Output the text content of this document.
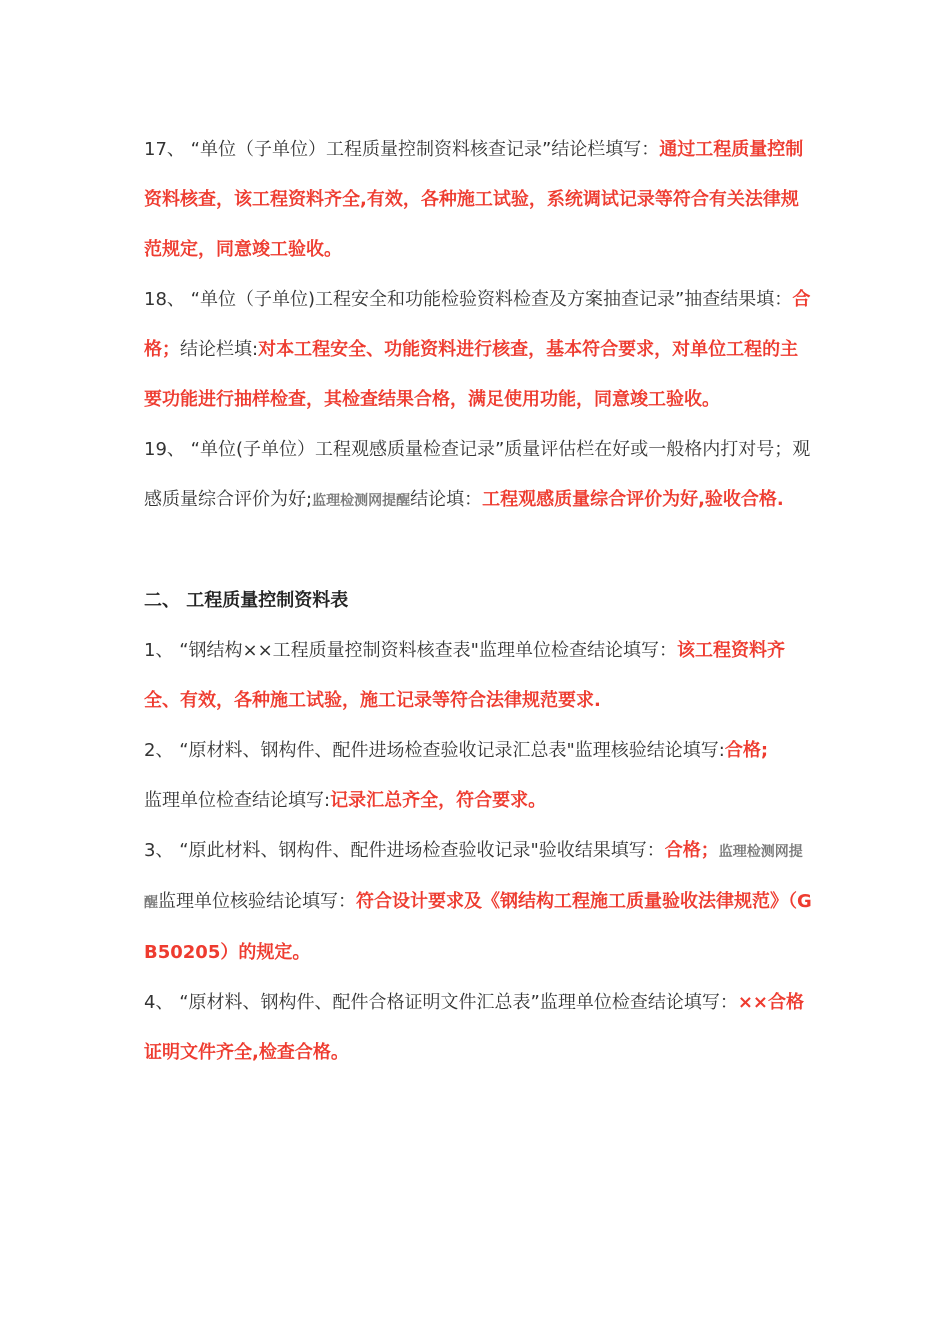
17、 “单位（子单位）工程质量控制资料核查记录”结论栏填写：通过工程质量控制资料核查，该工程资料齐全,有效，各种施工试验，系统调试记录等符合有关法律规范规定，同意竣工验收。

18、 “单位（子单位)工程安全和功能检验资料检查及方案抽查记录”抽查结果填：合格；结论栏填:对本工程安全、功能资料进行核查，基本符合要求，对单位工程的主要功能进行抽样检查，其检查结果合格，满足使用功能，同意竣工验收。

19、 “单位(子单位）工程观感质量检查记录”质量评估栏在好或一般格内打对号；观感质量综合评价为好;监理检测网提醒结论填：工程观感质量综合评价为好,验收合格.

二、 工程质量控制资料表

1、 “钢结构××工程质量控制资料核查表"监理单位检查结论填写：该工程资料齐全、有效，各种施工试验，施工记录等符合法律规范要求.

2、 “原材料、钢构件、配件进场检查验收记录汇总表"监理核验结论填写:合格;
监理单位检查结论填写:记录汇总齐全，符合要求。

3、 “原此材料、钢构件、配件进场检查验收记录"验收结果填写：合格；监理检测网提醒监理单位核验结论填写：符合设计要求及《钢结构工程施工质量验收法律规范》（GB50205）的规定。

4、 “原材料、钢构件、配件合格证明文件汇总表”监理单位检查结论填写：××合格证明文件齐全,检查合格。
